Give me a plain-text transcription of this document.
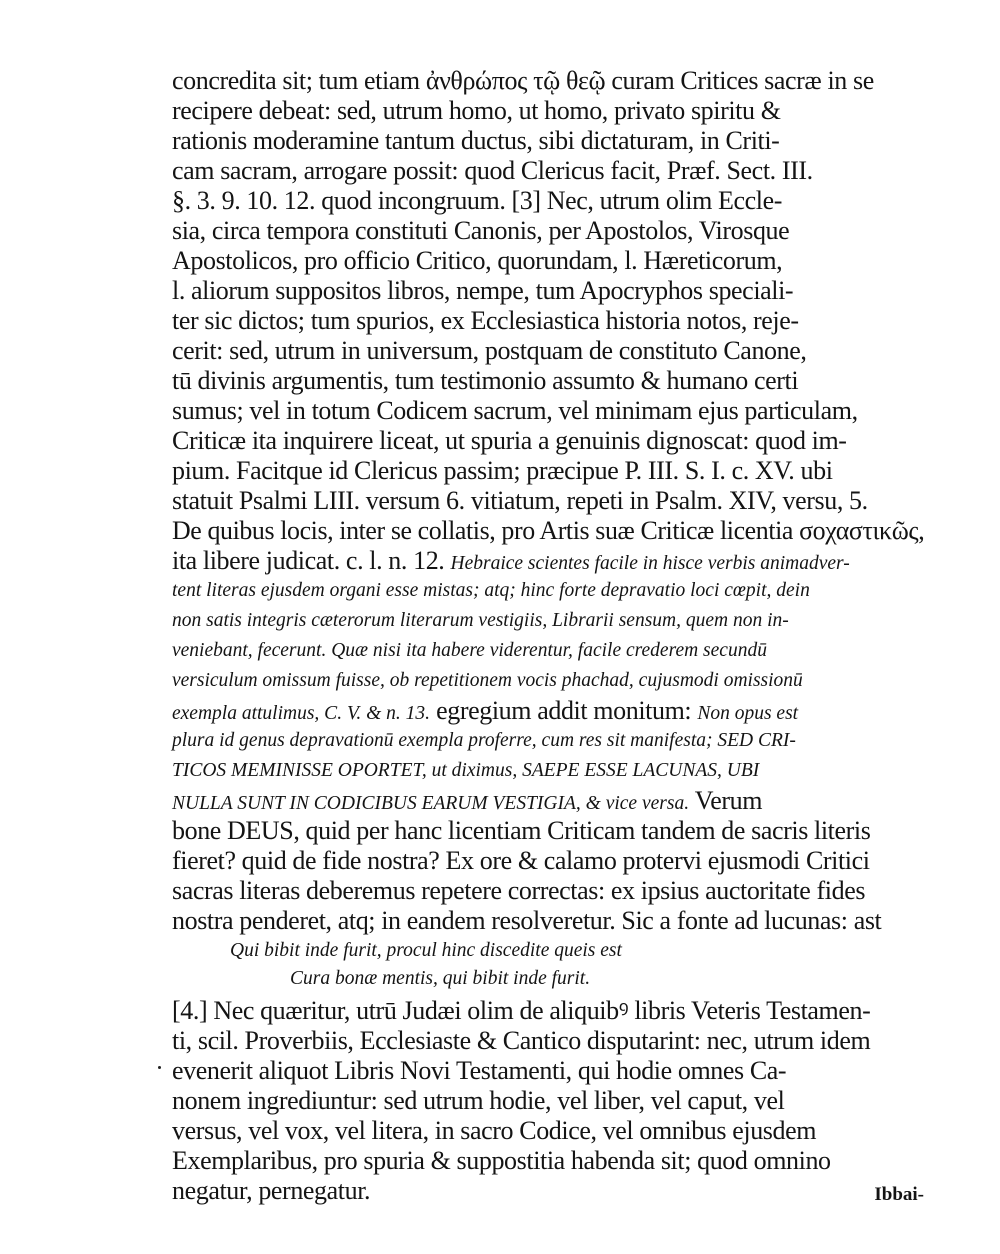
concredita sit; tum etiam ἀνθρώπος τῷ θεῷ curam Critices sacræ in se
recipere debeat: sed, utrum homo, ut homo, privato spiritu &
rationis moderamine tantum ductus, sibi dictaturam, in Criti-
cam sacram, arrogare possit: quod Clericus facit, Præf. Sect. III.
§. 3. 9. 10. 12. quod incongruum. [3] Nec, utrum olim Eccle-
sia, circa tempora constituti Canonis, per Apostolos, Virosque
Apostolicos, pro officio Critico, quorundam, l. Hæreticorum,
l. aliorum suppositos libros, nempe, tum Apocryphos speciali-
ter sic dictos; tum spurios, ex Ecclesiastica historia notos, reje-
cerit: sed, utrum in universum, postquam de constituto Canone,
tū divinis argumentis, tum testimonio assumto & humano certi
sumus; vel in totum Codicem sacrum, vel minimam ejus particulam,
Criticæ ita inquirere liceat, ut spuria a genuinis dignoscat: quod im-
pium. Facitque id Clericus passim; præcipue P. III. S. I. c. XV. ubi
statuit Psalmi LIII. versum 6. vitiatum, repeti in Psalm. XIV, versu, 5.
De quibus locis, inter se collatis, pro Artis suæ Criticæ licentia σοχαστικῶς,
ita libere judicat. c. l. n. 12. Hebraice scientes facile in hisce verbis animadver-
tent literas ejusdem organi esse mistas; atq; hinc forte depravatio loci cœpit, dein
non satis integris cæterorum literarum vestigiis, Librarii sensum, quem non in-
veniebant, fecerunt. Quæ nisi ita habere viderentur, facile crederem secundū
versiculum omissum fuisse, ob repetitionem vocis phachad, cujusmodi omissionū
exempla attulimus, C. V. & n. 13. egregium addit monitum: Non opus est
plura id genus depravationū exempla proferre, cum res sit manifesta; SED CRI-
TICOS MEMINISSE OPORTET, ut diximus, SAEPE ESSE LACUNAS, UBI
NULLA SUNT IN CODICIBUS EARUM VESTIGIA, & vice versa. Verum
bone DEUS, quid per hanc licentiam Criticam tandem de sacris literis
fieret? quid de fide nostra? Ex ore & calamo protervi ejusmodi Critici
sacras literas deberemus repetere correctas: ex ipsius auctoritate fides
nostra penderet, atq; in eandem resolveretur. Sic a fonte ad lucunas: ast
Qui bibit inde furit, procul hinc discedite queis est
Cura bonæ mentis, qui bibit inde furit.
[4.] Nec quæritur, utrū Judæi olim de aliquibꝰ libris Veteris Testamen-
ti, scil. Proverbiis, Ecclesiaste & Cantico disputarint: nec, utrum idem
evenerit aliquot Libris Novi Testamenti, qui hodie omnes Ca-
nonem ingrediuntur: sed utrum hodie, vel liber, vel caput, vel
versus, vel vox, vel litera, in sacro Codice, vel omnibus ejusdem
Exemplaribus, pro spuria & suppostitia habenda sit; quod omnino
negatur, pernegatur.	Ibbai-
